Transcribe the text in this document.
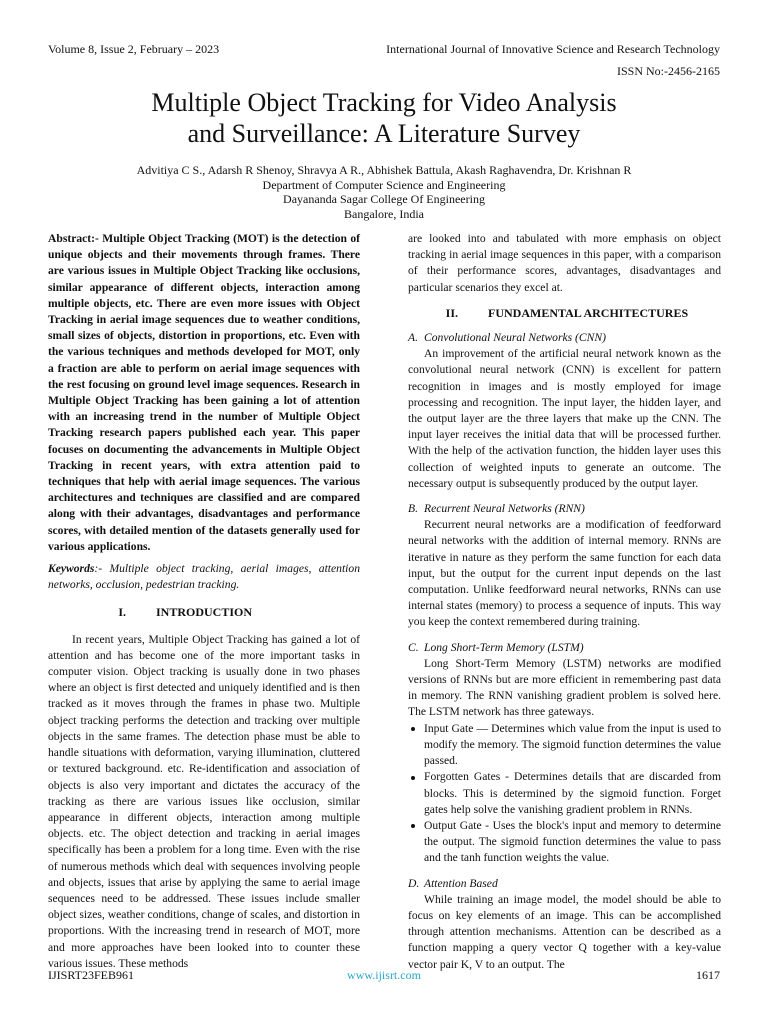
Volume 8, Issue 2, February – 2023	International Journal of Innovative Science and Research Technology
ISSN No:-2456-2165
Multiple Object Tracking for Video Analysis
and Surveillance: A Literature Survey
Advitiya C S., Adarsh R Shenoy, Shravya A R., Abhishek Battula, Akash Raghavendra, Dr. Krishnan R
Department of Computer Science and Engineering
Dayananda Sagar College Of Engineering
Bangalore, India

Abstract:- Multiple Object Tracking (MOT) is the detection of unique objects and their movements through frames. There are various issues in Multiple Object Tracking like occlusions, similar appearance of different objects, interaction among multiple objects, etc. There are even more issues with Object Tracking in aerial image sequences due to weather conditions, small sizes of objects, distortion in proportions, etc. Even with the various techniques and methods developed for MOT, only a fraction are able to perform on aerial image sequences with the rest focusing on ground level image sequences. Research in Multiple Object Tracking has been gaining a lot of attention with an increasing trend in the number of Multiple Object Tracking research papers published each year. This paper focuses on documenting the advancements in Multiple Object Tracking in recent years, with extra attention paid to techniques that help with aerial image sequences. The various architectures and techniques are classified and are compared along with their advantages, disadvantages and performance scores, with detailed mention of the datasets generally used for various applications.

Keywords:- Multiple object tracking, aerial images, attention networks, occlusion, pedestrian tracking.

I.	INTRODUCTION

In recent years, Multiple Object Tracking has gained a lot of attention and has become one of the more important tasks in computer vision. Object tracking is usually done in two phases where an object is first detected and uniquely identified and is then tracked as it moves through the frames in phase two. Multiple object tracking performs the detection and tracking over multiple objects in the same frames. The detection phase must be able to handle situations with deformation, varying illumination, cluttered or textured background. etc. Re-identification and association of objects is also very important and dictates the accuracy of the tracking as there are various issues like occlusion, similar appearance in different objects, interaction among multiple objects. etc. The object detection and tracking in aerial images specifically has been a problem for a long time. Even with the rise of numerous methods which deal with sequences involving people and objects, issues that arise by applying the same to aerial image sequences need to be addressed. These issues include smaller object sizes, weather conditions, change of scales, and distortion in proportions. With the increasing trend in research of MOT, more and more approaches have been looked into to counter these various issues. These methods

are looked into and tabulated with more emphasis on object tracking in aerial image sequences in this paper, with a comparison of their performance scores, advantages, disadvantages and particular scenarios they excel at.

II.	FUNDAMENTAL ARCHITECTURES
A. Convolutional Neural Networks (CNN)

An improvement of the artificial neural network known as the convolutional neural network (CNN) is excellent for pattern recognition in images and is mostly employed for image processing and recognition. The input layer, the hidden layer, and the output layer are the three layers that make up the CNN. The input layer receives the initial data that will be processed further. With the help of the activation function, the hidden layer uses this collection of weighted inputs to generate an outcome. The necessary output is subsequently produced by the output layer.

B. Recurrent Neural Networks (RNN)

Recurrent neural networks are a modification of feedforward neural networks with the addition of internal memory. RNNs are iterative in nature as they perform the same function for each data input, but the output for the current input depends on the last computation. Unlike feedforward neural networks, RNNs can use internal states (memory) to process a sequence of inputs. This way you keep the context remembered during training.

C. Long Short-Term Memory (LSTM)

Long Short-Term Memory (LSTM) networks are modified versions of RNNs but are more efficient in remembering past data in memory. The RNN vanishing gradient problem is solved here. The LSTM network has three gateways.

Input Gate — Determines which value from the input is used to modify the memory. The sigmoid function determines the value passed.
Forgotten Gates - Determines details that are discarded from blocks. This is determined by the sigmoid function. Forget gates help solve the vanishing gradient problem in RNNs.
Output Gate - Uses the block's input and memory to determine the output. The sigmoid function determines the value to pass and the tanh function weights the value.
D. Attention Based

While training an image model, the model should be able to focus on key elements of an image. This can be accomplished through attention mechanisms. Attention can be described as a function mapping a query vector Q together with a key-value vector pair K, V to an output. The

IJISRT23FEB961	www.ijisrt.com	1617
